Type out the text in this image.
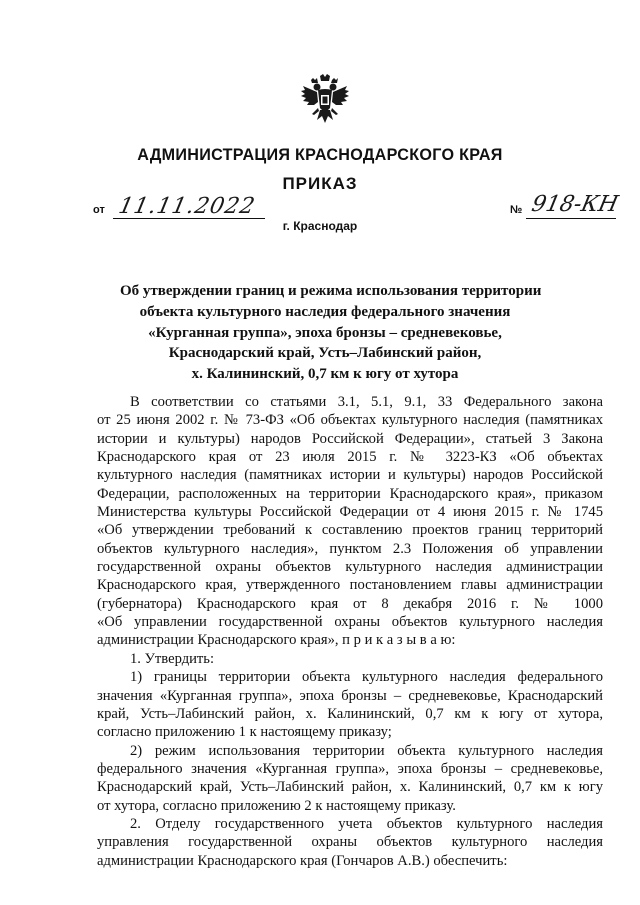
АДМИНИСТРАЦИЯ КРАСНОДАРСКОГО КРАЯ
ПРИКАЗ
от 11.11.2022	№ 918-КН
г. Краснодар
Об утверждении границ и режима использования территории
объекта культурного наследия федерального значения
«Курганная группа», эпоха бронзы – средневековье,
Краснодарский край, Усть–Лабинский район,
х. Калининский, 0,7 км к югу от хутора
В соответствии со статьями 3.1, 5.1, 9.1, 33 Федерального закона
от 25 июня 2002 г. № 73-ФЗ «Об объектах культурного наследия (памятниках
истории и культуры) народов Российской Федерации», статьей 3 Закона
Краснодарского края от 23 июля 2015 г. № 3223-КЗ «Об объектах
культурного наследия (памятниках истории и культуры) народов Российской
Федерации, расположенных на территории Краснодарского края», приказом
Министерства культуры Российской Федерации от 4 июня 2015 г. № 1745
«Об утверждении требований к составлению проектов границ территорий
объектов культурного наследия», пунктом 2.3 Положения об управлении
государственной охраны объектов культурного наследия администрации
Краснодарского края, утвержденного постановлением главы администрации
(губернатора) Краснодарского края от 8 декабря 2016 г. № 1000
«Об управлении государственной охраны объектов культурного наследия
администрации Краснодарского края», п р и к а з ы в а ю:
1. Утвердить:
1) границы территории объекта культурного наследия федерального
значения «Курганная группа», эпоха бронзы – средневековье, Краснодарский
край, Усть–Лабинский район, х. Калининский, 0,7 км к югу от хутора,
согласно приложению 1 к настоящему приказу;
2) режим использования территории объекта культурного наследия
федерального значения «Курганная группа», эпоха бронзы – средневековье,
Краснодарский край, Усть–Лабинский район, х. Калининский, 0,7 км к югу
от хутора, согласно приложению 2 к настоящему приказу.
2. Отделу государственного учета объектов культурного наследия
управления государственной охраны объектов культурного наследия
администрации Краснодарского края (Гончаров А.В.) обеспечить:
